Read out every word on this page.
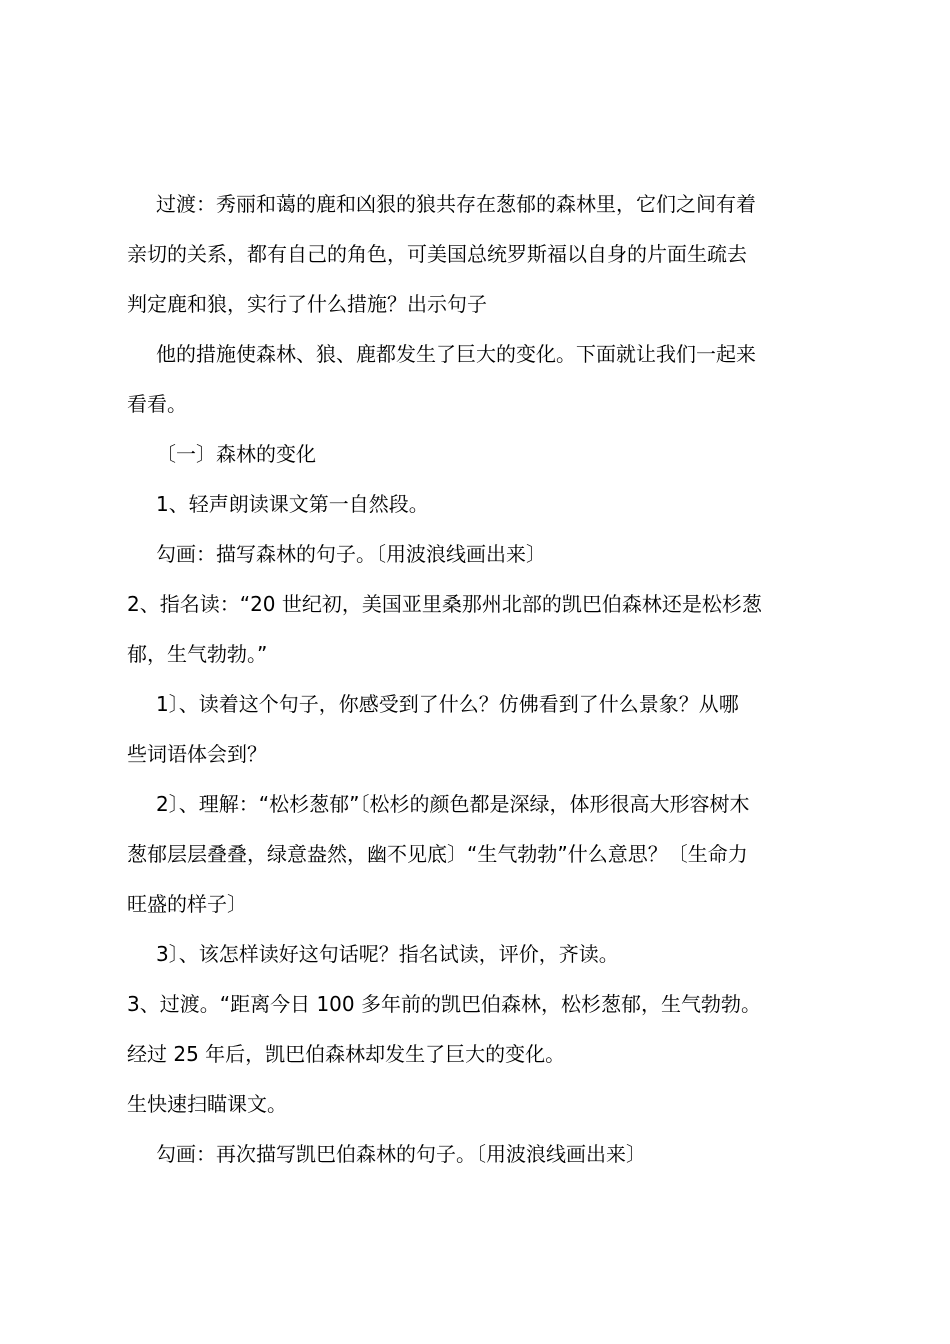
过渡：秀丽和蔼的鹿和凶狠的狼共存在葱郁的森林里，它们之间有着
亲切的关系，都有自己的角色，可美国总统罗斯福以自身的片面生疏去
判定鹿和狼，实行了什么措施？出示句子
他的措施使森林、狼、鹿都发生了巨大的变化。下面就让我们一起来
看看。
〔一〕森林的变化
1、轻声朗读课文第一自然段。
勾画：描写森林的句子。〔用波浪线画出来〕
2、指名读：“20 世纪初，美国亚里桑那州北部的凯巴伯森林还是松杉葱
郁，生气勃勃。”
1〕、读着这个句子，你感受到了什么？仿佛看到了什么景象？从哪
些词语体会到？
2〕、理解：“松杉葱郁”〔松杉的颜色都是深绿，体形很高大形容树木
葱郁层层叠叠，绿意盎然，幽不见底〕“生气勃勃”什么意思？〔生命力
旺盛的样子〕
3〕、该怎样读好这句话呢？指名试读，评价，齐读。
3、过渡。“距离今日 100 多年前的凯巴伯森林，松杉葱郁，生气勃勃。
经过 25 年后，凯巴伯森林却发生了巨大的变化。
生快速扫瞄课文。
勾画：再次描写凯巴伯森林的句子。〔用波浪线画出来〕
